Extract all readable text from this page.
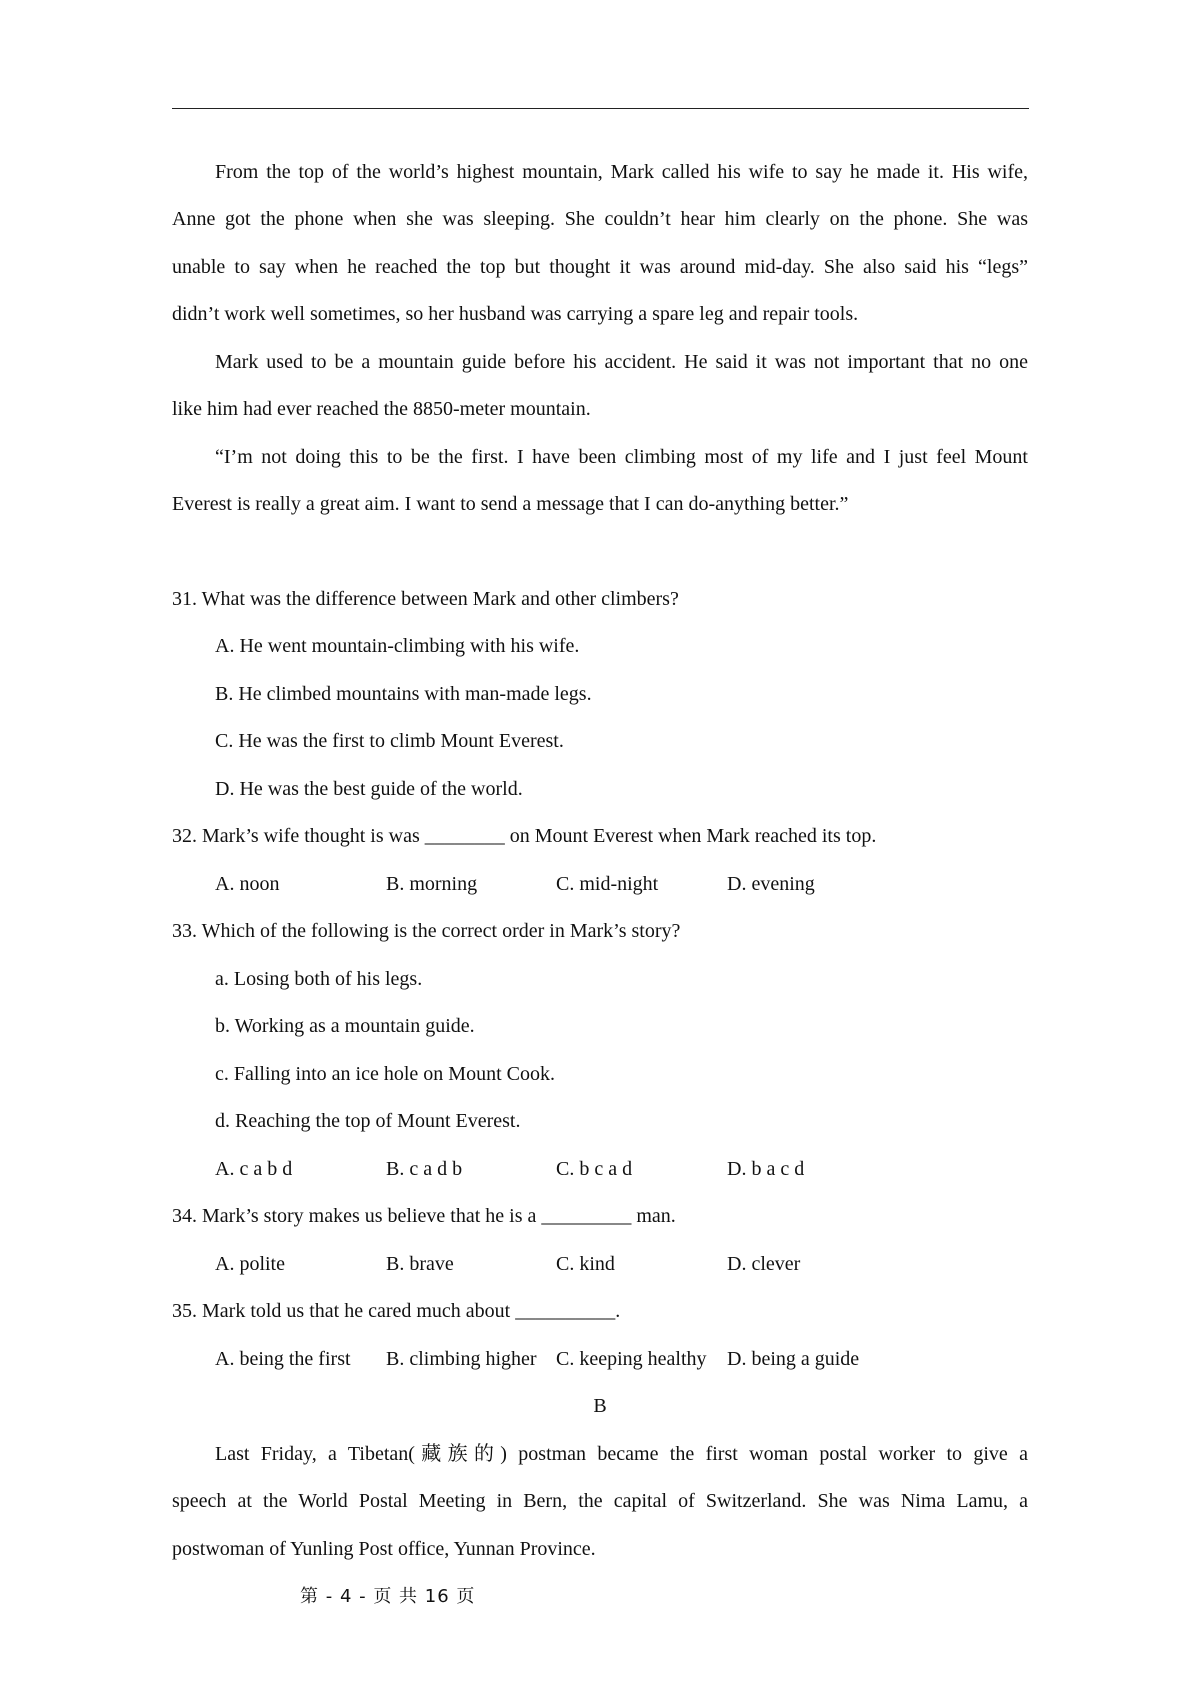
From the top of the world’s highest mountain, Mark called his wife to say he made it. His wife,

Anne got the phone when she was sleeping. She couldn’t hear him clearly on the phone. She was

unable to say when he reached the top but thought it was around mid-day. She also said his “legs”

didn’t work well sometimes, so her husband was carrying a spare leg and repair tools.

Mark used to be a mountain guide before his accident. He said it was not important that no one

like him had ever reached the 8850-meter mountain.

“I’m not doing this to be the first. I have been climbing most of my life and I just feel Mount

Everest is really a great aim. I want to send a message that I can do-anything better.”

31. What was the difference between Mark and other climbers?

A. He went mountain-climbing with his wife.

B. He climbed mountains with man-made legs.

C. He was the first to climb Mount Everest.

D. He was the best guide of the world.

32. Mark’s wife thought is was ________ on Mount Everest when Mark reached its top.

A. noon	B. morning	C. mid-night	D. evening

33. Which of the following is the correct order in Mark’s story?

a. Losing both of his legs.

b. Working as a mountain guide.

c. Falling into an ice hole on Mount Cook.

d. Reaching the top of Mount Everest.

A. c a b d	B. c a d b	C. b c a d	D. b a c d

34. Mark’s story makes us believe that he is a _________ man.

A. polite	B. brave	C. kind	D. clever

35. Mark told us that he cared much about __________.

A. being the first B. climbing higher C. keeping healthy D. being a guide
B

Last Friday, a Tibetan(藏族的) postman became the first woman postal worker to give a

speech at the World Postal Meeting in Bern, the capital of Switzerland. She was Nima Lamu, a

postwoman of Yunling Post office, Yunnan Province.

第 - 4 - 页 共 16 页
